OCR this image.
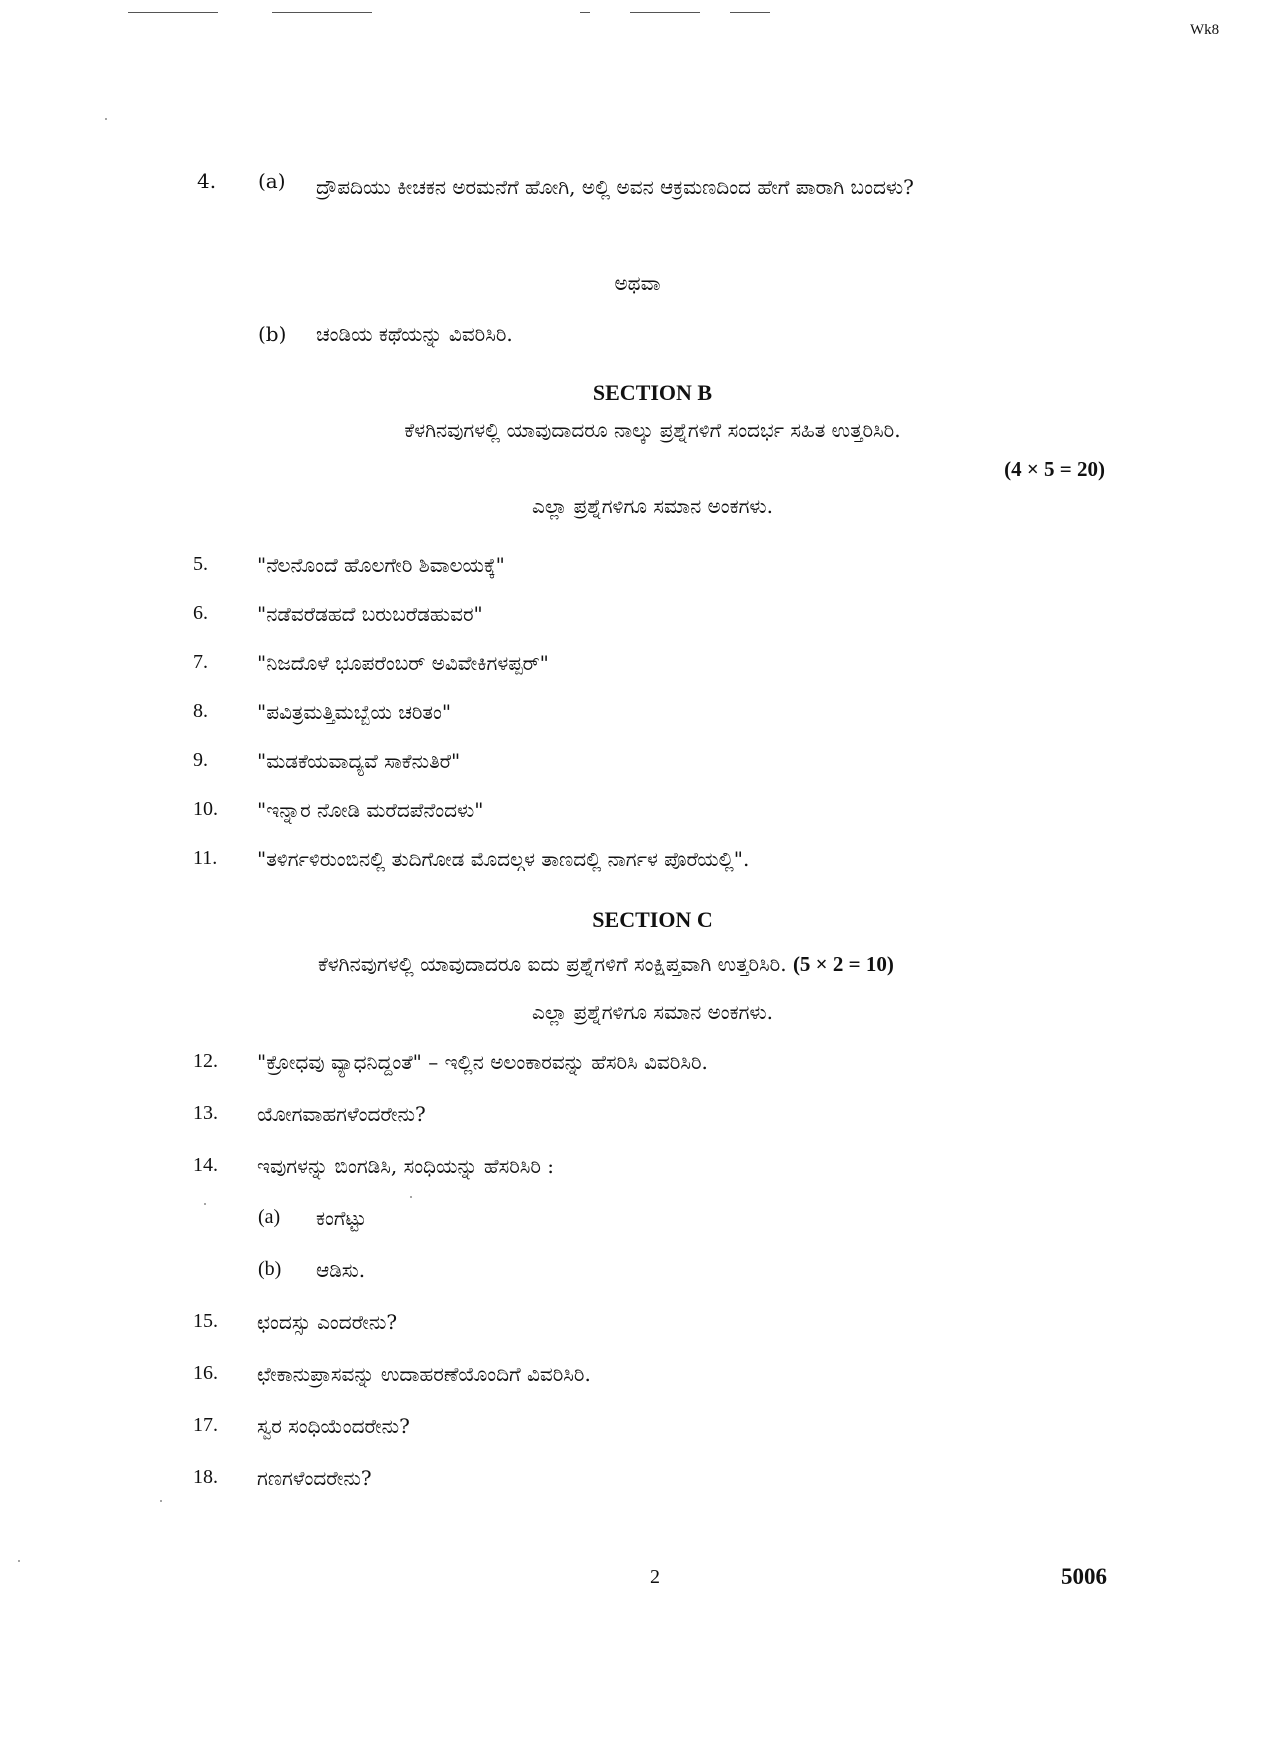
Wk8
4. (a) ದ್ರೌಪದಿಯು ಕೀಚಕನ ಅರಮನೆಗೆ ಹೋಗಿ, ಅಲ್ಲಿ ಅವನ ಆಕ್ರಮಣದಿಂದ ಹೇಗೆ ಪಾರಾಗಿ ಬಂದಳು?
ಅಥವಾ
(b) ಚಂಡಿಯ ಕಥೆಯನ್ನು ವಿವರಿಸಿರಿ.
SECTION B
ಕೆಳಗಿನವುಗಳಲ್ಲಿ ಯಾವುದಾದರೂ ನಾಲ್ಕು ಪ್ರಶ್ನೆಗಳಿಗೆ ಸಂದರ್ಭ ಸಹಿತ ಉತ್ತರಿಸಿರಿ.
(4 × 5 = 20)
ಎಲ್ಲಾ ಪ್ರಶ್ನೆಗಳಿಗೂ ಸಮಾನ ಅಂಕಗಳು.
5. "ನೆಲನೊಂದೆ ಹೊಲಗೇರಿ ಶಿವಾಲಯಕ್ಕೆ"
6. "ನಡೆವರೆಡಹದೆ ಬರುಬರೆಡಹುವರ"
7. "ನಿಜದೊಳೆ ಭೂಪರೆಂಬರ್ ಅವಿವೇಕಿಗಳಪ್ಪರ್"
8. "ಪವಿತ್ರಮತ್ತಿಮಬ್ಬೆಯ ಚರಿತಂ"
9. "ಮಡಕೆಯವಾದ್ಯವೆ ಸಾಕೆನುತಿರೆ"
10. "ಇನ್ನಾರ ನೋಡಿ ಮರೆದಪೆನೆಂದಳು"
11. "ತಳಿರ್ಗಳಿರುಂಬಿನಲ್ಲಿ ತುದಿಗೋಡ ಮೊದಲ್ಗಳ ತಾಣದಲ್ಲಿ ನಾರ್ಗಳ ಪೊರೆಯಲ್ಲಿ".
SECTION C
ಕೆಳಗಿನವುಗಳಲ್ಲಿ ಯಾವುದಾದರೂ ಐದು ಪ್ರಶ್ನೆಗಳಿಗೆ ಸಂಕ್ಷಿಪ್ತವಾಗಿ ಉತ್ತರಿಸಿರಿ. (5 × 2 = 10)
ಎಲ್ಲಾ ಪ್ರಶ್ನೆಗಳಿಗೂ ಸಮಾನ ಅಂಕಗಳು.
12. "ಕ್ರೋಧವು ವ್ಯಾಧನಿದ್ದಂತೆ" – ಇಲ್ಲಿನ ಅಲಂಕಾರವನ್ನು ಹೆಸರಿಸಿ ವಿವರಿಸಿರಿ.
13. ಯೋಗವಾಹಗಳೆಂದರೇನು?
14. ಇವುಗಳನ್ನು ಬಿಂಗಡಿಸಿ, ಸಂಧಿಯನ್ನು ಹೆಸರಿಸಿರಿ :
(a) ಕಂಗೆಟ್ಟು
(b) ಆಡಿಸು.
15. ಛಂದಸ್ಸು ಎಂದರೇನು?
16. ಛೇಕಾನುಪ್ರಾಸವನ್ನು ಉದಾಹರಣೆಯೊಂದಿಗೆ ವಿವರಿಸಿರಿ.
17. ಸ್ವರ ಸಂಧಿಯೆಂದರೇನು?
18. ಗಣಗಳೆಂದರೇನು?
2	5006
